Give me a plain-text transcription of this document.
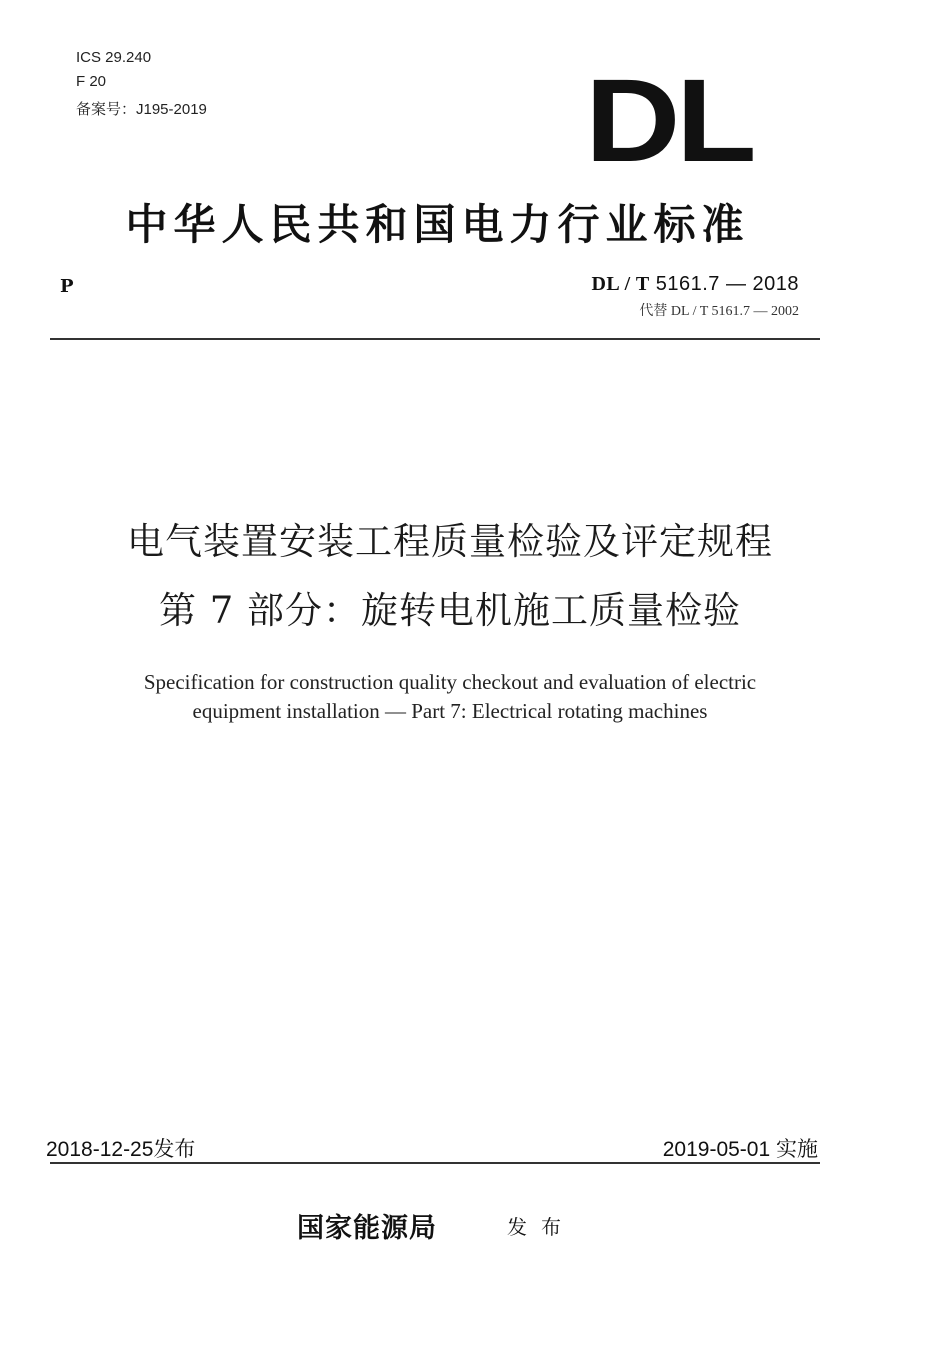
ICS 29.240
F 20
备案号：J195-2019	DL
中华人民共和国电力行业标准
P	DL / T 5161.7 — 2018
代替 DL / T 5161.7 — 2002
电气装置安装工程质量检验及评定规程
第 7 部分：旋转电机施工质量检验
Specification for construction quality checkout and evaluation of electric
equipment installation — Part 7: Electrical rotating machines
2018-12-25发布	2019-05-01 实施
国家能源局	发布
